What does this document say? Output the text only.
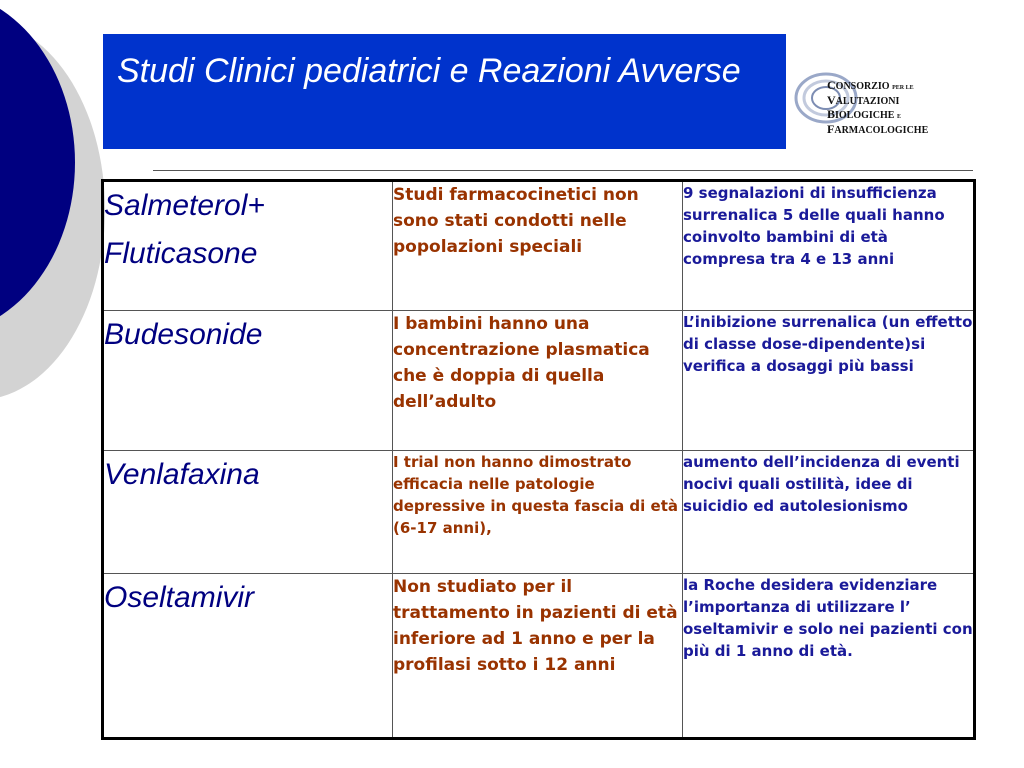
Studi Clinici pediatrici e Reazioni Avverse	CONSORZIO PER LE
VALUTAZIONI
BIOLOGICHE E
FARMACOLOGICHE
Salmeterol+ Fluticasone	Studi farmacocinetici non sono stati condotti nelle popolazioni speciali	9 segnalazioni di insufficienza surrenalica 5 delle quali hanno coinvolto bambini di età compresa tra 4 e 13 anni
Budesonide	I bambini hanno una concentrazione plasmatica che è doppia di quella dell’adulto	L’inibizione surrenalica (un effetto di classe dose-dipendente)si verifica a dosaggi più bassi
Venlafaxina	I trial non hanno dimostrato efficacia nelle patologie depressive in questa fascia di età (6-17 anni),	aumento dell’incidenza di eventi nocivi quali ostilità, idee di suicidio ed autolesionismo
Oseltamivir	Non studiato per il trattamento in pazienti di età inferiore ad 1 anno e per la profilasi sotto i 12 anni	la Roche desidera evidenziare l’importanza di utilizzare l’ oseltamivir e solo nei pazienti con più di 1 anno di età.
